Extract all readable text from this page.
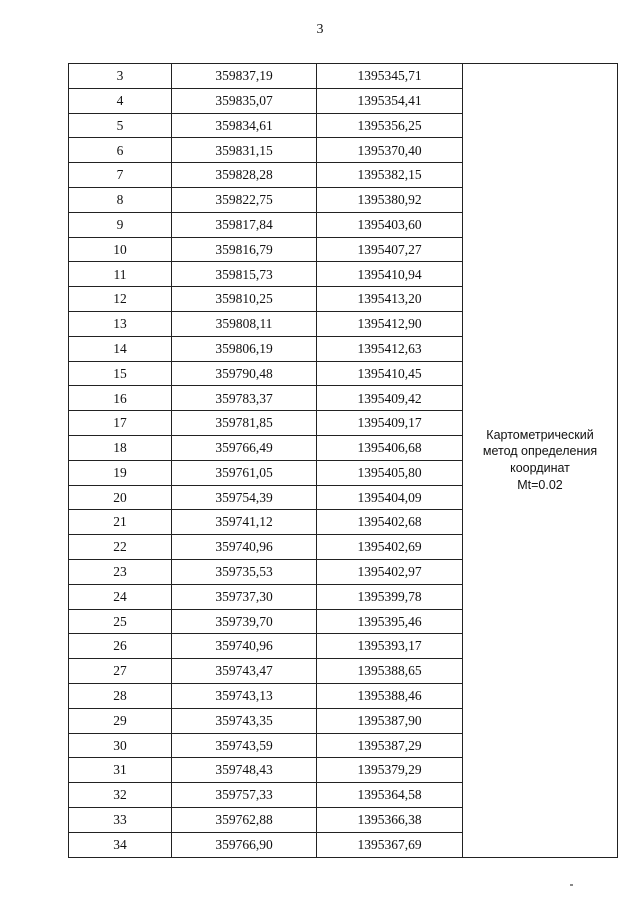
3
3	359837,19	1395345,71	Картометрический
метод определения
координат
Mt=0.02

4	359835,07	1395354,41	
5	359834,61	1395356,25	
6	359831,15	1395370,40	
7	359828,28	1395382,15	
8	359822,75	1395380,92	
9	359817,84	1395403,60	
10	359816,79	1395407,27	
11	359815,73	1395410,94	
12	359810,25	1395413,20	
13	359808,11	1395412,90	
14	359806,19	1395412,63	
15	359790,48	1395410,45	
16	359783,37	1395409,42	
17	359781,85	1395409,17	
18	359766,49	1395406,68	
19	359761,05	1395405,80	
20	359754,39	1395404,09	
21	359741,12	1395402,68	
22	359740,96	1395402,69	
23	359735,53	1395402,97	
24	359737,30	1395399,78	
25	359739,70	1395395,46	
26	359740,96	1395393,17	
27	359743,47	1395388,65	
28	359743,13	1395388,46	
29	359743,35	1395387,90	
30	359743,59	1395387,29	
31	359748,43	1395379,29	
32	359757,33	1395364,58	
33	359762,88	1395366,38	
34	359766,90	1395367,69	
